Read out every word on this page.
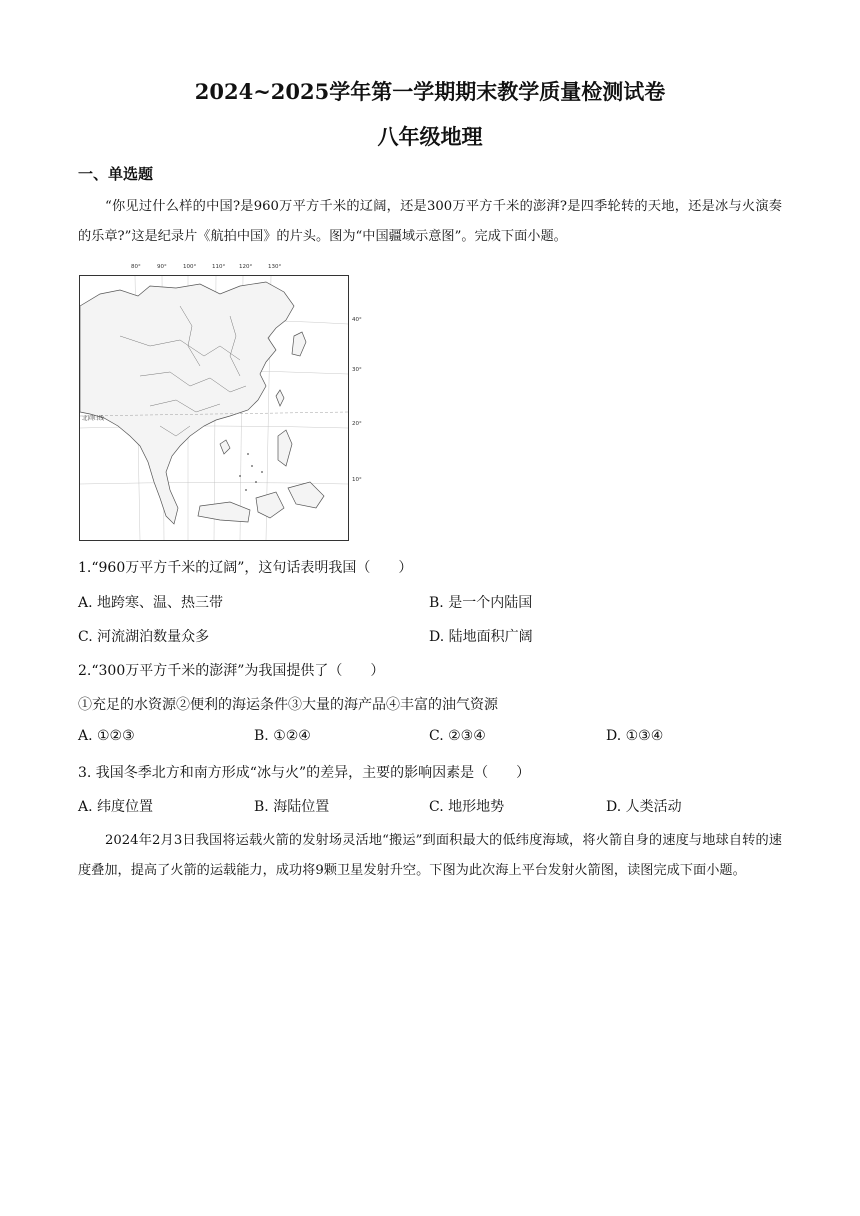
2024~2025学年第一学期期末教学质量检测试卷
八年级地理
一、单选题
“你见过什么样的中国?是960万平方千米的辽阔，还是300万平方千米的澎湃?是四季轮转的天地，还是冰与火演奏的乐章?”这是纪录片《航拍中国》的片头。图为“中国疆域示意图”。完成下面小题。
80°	90°	100°	110°	120°	130°
北回归线
40°
30°
20°
10°
1.“960万平方千米的辽阔”，这句话表明我国（　　）
A. 地跨寒、温、热三带	B. 是一个内陆国
C. 河流湖泊数量众多	D. 陆地面积广阔
2.“300万平方千米的澎湃”为我国提供了（　　）
①充足的水资源②便利的海运条件③大量的海产品④丰富的油气资源
A. ①②③	B. ①②④	C. ②③④	D. ①③④
3. 我国冬季北方和南方形成“冰与火”的差异，主要的影响因素是（　　）
A. 纬度位置	B. 海陆位置	C. 地形地势	D. 人类活动
2024年2月3日我国将运载火箭的发射场灵活地“搬运”到面积最大的低纬度海域，将火箭自身的速度与地球自转的速度叠加，提高了火箭的运载能力，成功将9颗卫星发射升空。下图为此次海上平台发射火箭图，读图完成下面小题。
